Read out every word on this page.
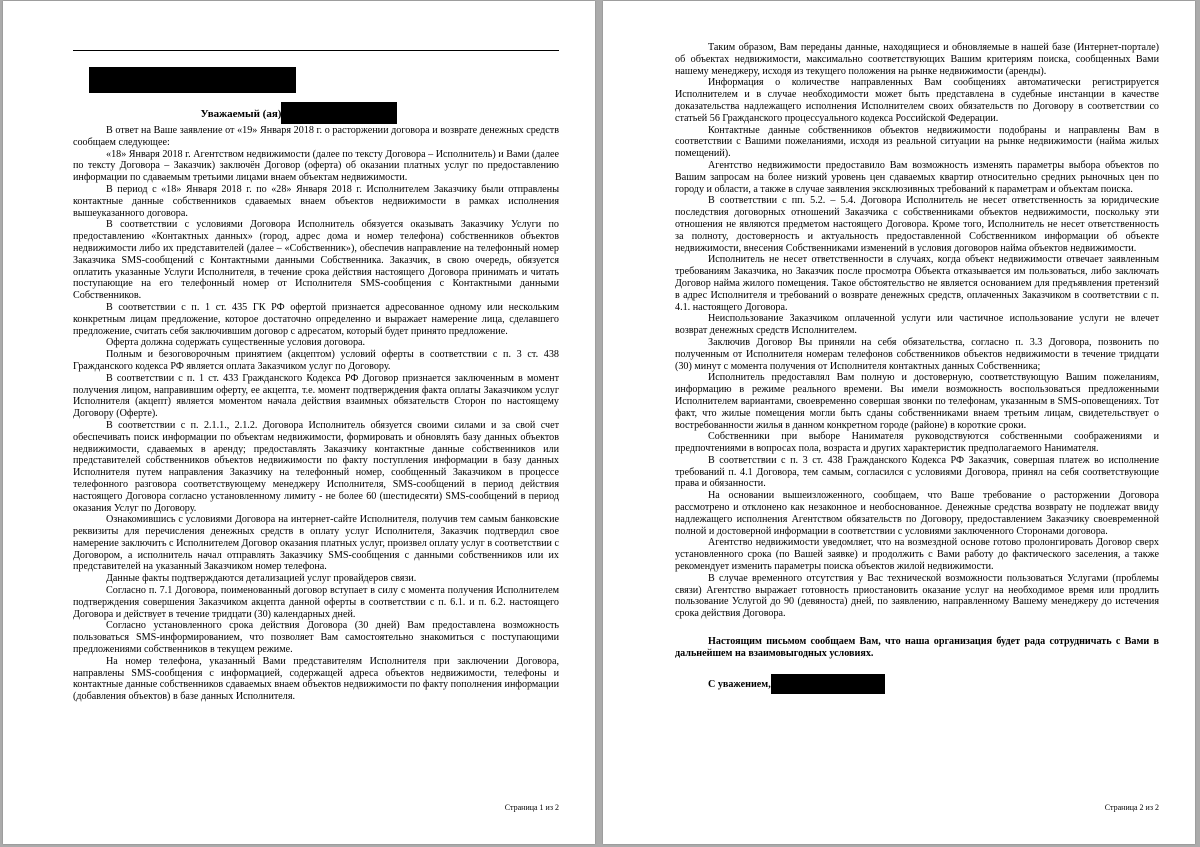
Уважаемый (ая)

В ответ на Ваше заявление от «19» Января 2018 г. о расторжении договора и возврате денежных средств сообщаем следующее:

«18» Января 2018 г. Агентством недвижимости (далее по тексту Договора – Исполнитель) и Вами (далее по тексту Договора – Заказчик) заключён Договор (оферта) об оказании платных услуг по предоставлению информации по сдаваемым третьими лицами внаем объектам недвижимости.

В период с «18» Января 2018 г. по «28» Января 2018 г. Исполнителем Заказчику были отправлены контактные данные собственников сдаваемых внаем объектов недвижимости в рамках исполнения вышеуказанного договора.

В соответствии с условиями Договора Исполнитель обязуется оказывать Заказчику Услуги по предоставлению «Контактных данных» (город, адрес дома и номер телефона) собственников объектов недвижимости либо их представителей (далее – «Собственник»), обеспечив направление на телефонный номер Заказчика SMS-сообщений с Контактными данными Собственника. Заказчик, в свою очередь, обязуется оплатить указанные Услуги Исполнителя, в течение срока действия настоящего Договора принимать и читать поступающие на его телефонный номер от Исполнителя SMS-сообщения с Контактными данными Собственников.

В соответствии с п. 1 ст. 435 ГК РФ офертой признается адресованное одному или нескольким конкретным лицам предложение, которое достаточно определенно и выражает намерение лица, сделавшего предложение, считать себя заключившим договор с адресатом, который будет принято предложение.

Оферта должна содержать существенные условия договора.

Полным и безоговорочным принятием (акцептом) условий оферты в соответствии с п. 3 ст. 438 Гражданского кодекса РФ является оплата Заказчиком услуг по Договору.

В соответствии с п. 1 ст. 433 Гражданского Кодекса РФ Договор признается заключенным в момент получения лицом, направившим оферту, ее акцепта, т.е. момент подтверждения факта оплаты Заказчиком услуг Исполнителя (акцепт) является моментом начала действия взаимных обязательств Сторон по настоящему Договору (Оферте).

В соответствии с п. 2.1.1., 2.1.2. Договора Исполнитель обязуется своими силами и за свой счет обеспечивать поиск информации по объектам недвижимости, формировать и обновлять базу данных объектов недвижимости, сдаваемых в аренду; предоставлять Заказчику контактные данные собственников или представителей собственников объектов недвижимости по факту поступления информации в базу данных Исполнителя путем направления Заказчику на телефонный номер, сообщенный Заказчиком в процессе телефонного разговора соответствующему менеджеру Исполнителя, SMS-сообщений в период действия настоящего Договора согласно установленному лимиту - не более 60 (шестидесяти) SMS-сообщений в период оказания Услуг по Договору.

Ознакомившись с условиями Договора на интернет-сайте Исполнителя, получив тем самым банковские реквизиты для перечисления денежных средств в оплату услуг Исполнителя, Заказчик подтвердил свое намерение заключить с Исполнителем Договор оказания платных услуг, произвел оплату услуг в соответствии с Договором, а исполнитель начал отправлять Заказчику SMS-сообщения с данными собственников или их представителей на указанный Заказчиком номер телефона.

Данные факты подтверждаются детализацией услуг провайдеров связи.

Согласно п. 7.1 Договора, поименованный договор вступает в силу с момента получения Исполнителем подтверждения совершения Заказчиком акцепта данной оферты в соответствии с п. 6.1. и п. 6.2. настоящего Договора и действует в течение тридцати (30) календарных дней.

Согласно установленного срока действия Договора (30 дней) Вам предоставлена возможность пользоваться SMS-информированием, что позволяет Вам самостоятельно знакомиться с поступающими предложениями собственников в текущем режиме.

На номер телефона, указанный Вами представителям Исполнителя при заключении Договора, направлены SMS-сообщения с информацией, содержащей адреса объектов недвижимости, телефоны и контактные данные собственников сдаваемых внаем объектов недвижимости по факту пополнения информации (добавления объектов) в базе данных Исполнителя.

Страница 1 из 2

Таким образом, Вам переданы данные, находящиеся и обновляемые в нашей базе (Интернет-портале) об объектах недвижимости, максимально соответствующих Вашим критериям поиска, сообщенных Вами нашему менеджеру, исходя из текущего положения на рынке недвижимости (аренды).

Информация о количестве направленных Вам сообщениях автоматически регистрируется Исполнителем и в случае необходимости может быть представлена в судебные инстанции в качестве доказательства надлежащего исполнения Исполнителем своих обязательств по Договору в соответствии со статьей 56 Гражданского процессуального кодекса Российской Федерации.

Контактные данные собственников объектов недвижимости подобраны и направлены Вам в соответствии с Вашими пожеланиями, исходя из реальной ситуации на рынке недвижимости (найма жилых помещений).

Агентство недвижимости предоставило Вам возможность изменять параметры выбора объектов по Вашим запросам на более низкий уровень цен сдаваемых квартир относительно средних рыночных цен по городу и области, а также в случае заявления эксклюзивных требований к параметрам и объектам поиска.

В соответствии с пп. 5.2. – 5.4. Договора Исполнитель не несет ответственность за юридические последствия договорных отношений Заказчика с собственниками объектов недвижимости, поскольку эти отношения не являются предметом настоящего Договора. Кроме того, Исполнитель не несет ответственность за полноту, достоверность и актуальность предоставленной Собственником информации об объекте недвижимости, внесения Собственниками изменений в условия договоров найма объектов недвижимости.

Исполнитель не несет ответственности в случаях, когда объект недвижимости отвечает заявленным требованиям Заказчика, но Заказчик после просмотра Объекта отказывается им пользоваться, либо заключать Договор найма жилого помещения. Такое обстоятельство не является основанием для предъявления претензий в адрес Исполнителя и требований о возврате денежных средств, оплаченных Заказчиком в соответствии с п. 4.1. настоящего Договора.

Неиспользование Заказчиком оплаченной услуги или частичное использование услуги не влечет возврат денежных средств Исполнителем.

Заключив Договор Вы приняли на себя обязательства, согласно п. 3.3 Договора, позвонить по полученным от Исполнителя номерам телефонов собственников объектов недвижимости в течение тридцати (30) минут с момента получения от Исполнителя контактных данных Собственника;

Исполнитель предоставлял Вам полную и достоверную, соответствующую Вашим пожеланиям, информацию в режиме реального времени. Вы имели возможность воспользоваться предложенными Исполнителем вариантами, своевременно совершая звонки по телефонам, указанным в SMS-оповещениях. Тот факт, что жилые помещения могли быть сданы собственниками внаем третьим лицам, свидетельствует о востребованности жилья в данном конкретном городе (районе) в короткие сроки.

Собственники при выборе Нанимателя руководствуются собственными соображениями и предпочтениями в вопросах пола, возраста и других характеристик предполагаемого Нанимателя.

В соответствии с п. 3 ст. 438 Гражданского Кодекса РФ Заказчик, совершая платеж во исполнение требований п. 4.1 Договора, тем самым, согласился с условиями Договора, принял на себя соответствующие права и обязанности.

На основании вышеизложенного, сообщаем, что Ваше требование о расторжении Договора рассмотрено и отклонено как незаконное и необоснованное. Денежные средства возврату не подлежат ввиду надлежащего исполнения Агентством обязательств по Договору, предоставлением Заказчику своевременной полной и достоверной информации в соответствии с условиями заключенного Сторонами договора.

Агентство недвижимости уведомляет, что на возмездной основе готово пролонгировать Договор сверх установленного срока (по Вашей заявке) и продолжить с Вами работу до фактического заселения, а также рекомендует изменить параметры поиска объектов жилой недвижимости.

В случае временного отсутствия у Вас технической возможности пользоваться Услугами (проблемы связи) Агентство выражает готовность приостановить оказание услуг на необходимое время или продлить пользование Услугой до 90 (девяноста) дней, по заявлению, направленному Вашему менеджеру до истечения срока действия Договора.

Настоящим письмом сообщаем Вам, что наша организация будет рада сотрудничать с Вами в дальнейшем на взаимовыгодных условиях.

С уважением,

Страница 2 из 2
